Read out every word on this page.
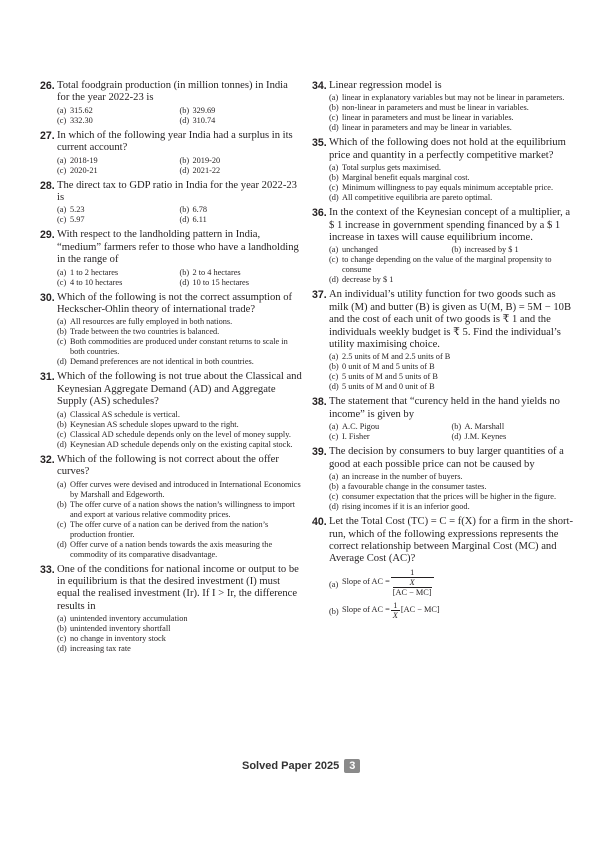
26. Total foodgrain production (in million tonnes) in India for the year 2022-23 is
(a) 315.62	(b) 329.69
(c) 332.30	(d) 310.74
27. In which of the following year India had a surplus in its current account?
(a) 2018-19	(b) 2019-20
(c) 2020-21	(d) 2021-22
28. The direct tax to GDP ratio in India for the year 2022-23 is
(a) 5.23	(b) 6.78
(c) 5.97	(d) 6.11
29. With respect to the landholding pattern in India, “medium” farmers refer to those who have a landholding in the range of
(a) 1 to 2 hectares	(b) 2 to 4 hectares
(c) 4 to 10 hectares	(d) 10 to 15 hectares
30. Which of the following is not the correct assumption of Heckscher-Ohlin theory of international trade?
(a) All resources are fully employed in both nations.
(b) Trade between the two countries is balanced.
(c) Both commodities are produced under constant returns to scale in both countries.
(d) Demand preferences are not identical in both countries.
31. Which of the following is not true about the Classical and Keynesian Aggregate Demand (AD) and Aggregate Supply (AS) schedules?
(a) Classical AS schedule is vertical.
(b) Keynesian AS schedule slopes upward to the right.
(c) Classical AD schedule depends only on the level of money supply.
(d) Keynesian AD schedule depends only on the existing capital stock.
32. Which of the following is not correct about the offer curves?
(a) Offer curves were devised and introduced in International Economics by Marshall and Edgeworth.
(b) The offer curve of a nation shows the nation’s willingness to import and export at various relative commodity prices.
(c) The offer curve of a nation can be derived from the nation’s production frontier.
(d) Offer curve of a nation bends towards the axis measuring the commodity of its comparative disadvantage.
33. One of the conditions for national income or output to be in equilibrium is that the desired investment (I) must equal the realised investment (Ir). If I > Ir, the difference results in
(a) unintended inventory accumulation
(b) unintended inventory shortfall
(c) no change in inventory stock
(d) increasing tax rate
34. Linear regression model is
(a) linear in explanatory variables but may not be linear in parameters.
(b) non-linear in parameters and must be linear in variables.
(c) linear in parameters and must be linear in variables.
(d) linear in parameters and may be linear in variables.
35. Which of the following does not hold at the equilibrium price and quantity in a perfectly competitive market?
(a) Total surplus gets maximised.
(b) Marginal benefit equals marginal cost.
(c) Minimum willingness to pay equals minimum acceptable price.
(d) All competitive equilibria are pareto optimal.
36. In the context of the Keynesian concept of a multiplier, a $ 1 increase in government spending financed by a $ 1 increase in taxes will cause equilibrium income.
(a) unchanged	(b) increased by $ 1
(c) to change depending on the value of the marginal propensity to consume
(d) decrease by $ 1
37. An individual’s utility function for two goods such as milk (M) and butter (B) is given as U(M, B) = 5M − 10B and the cost of each unit of two goods is ₹ 1 and the individuals weekly budget is ₹ 5. Find the individual’s utility maximising choice.
(a) 2.5 units of M and 2.5 units of B
(b) 0 unit of M and 5 units of B
(c) 5 units of M and 5 units of B
(d) 5 units of M and 0 unit of B
38. The statement that “curency held in the hand yields no income” is given by
(a) A.C. Pigou	(b) A. Marshall
(c) I. Fisher	(d) J.M. Keynes
39. The decision by consumers to buy larger quantities of a good at each possible price can not be caused by
(a) an increase in the number of buyers.
(b) a favourable change in the consumer tastes.
(c) consumer expectation that the prices will be higher in the figure.
(d) rising incomes if it is an inferior good.
40. Let the Total Cost (TC) = C = f(X) for a firm in the short-run, which of the following expressions represents the correct relationship between Marginal Cost (MC) and Average Cost (AC)?
(a) Slope of AC = 1
X
[AC − MC]
(b) Slope of AC = $\frac{1}{X} [AC - MC]$
Solved Paper 2025 3
